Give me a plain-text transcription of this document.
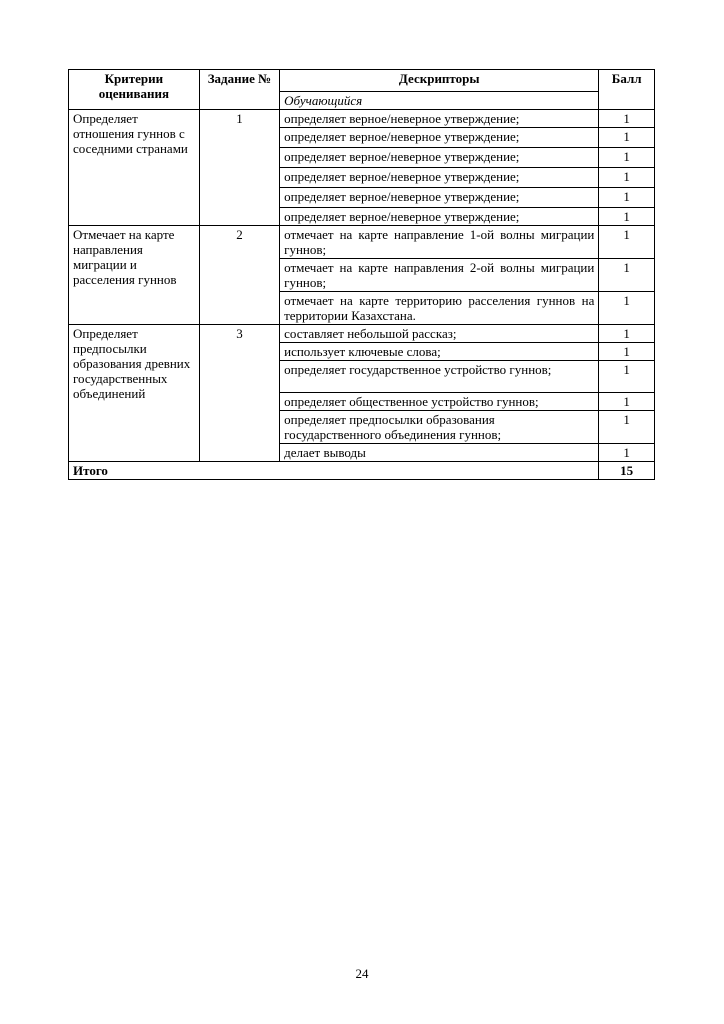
Критерии оценивания	Задание №	Дескрипторы	Балл
		Обучающийся	
Определяет отношения гуннов с соседними странами	1	определяет верное/неверное утверждение;	1
		определяет верное/неверное утверждение;	1
		определяет верное/неверное утверждение;	1
		определяет верное/неверное утверждение;	1
		определяет верное/неверное утверждение;	1
		определяет верное/неверное утверждение;	1
Отмечает на карте направления миграции и расселения гуннов	2	отмечает на карте направление 1-ой волны миграции гуннов;	1
		отмечает на карте направления 2-ой волны миграции гуннов;	1
		отмечает на карте территорию расселения гуннов на территории Казахстана.	1
Определяет предпосылки образования древних государственных объединений	3	составляет небольшой рассказ;	1
		использует ключевые слова;	1
		определяет государственное устройство гуннов;	1
		определяет общественное устройство гуннов;	1
		определяет предпосылки образования государственного объединения гуннов;	1
		делает выводы	1
Итого			15
24
